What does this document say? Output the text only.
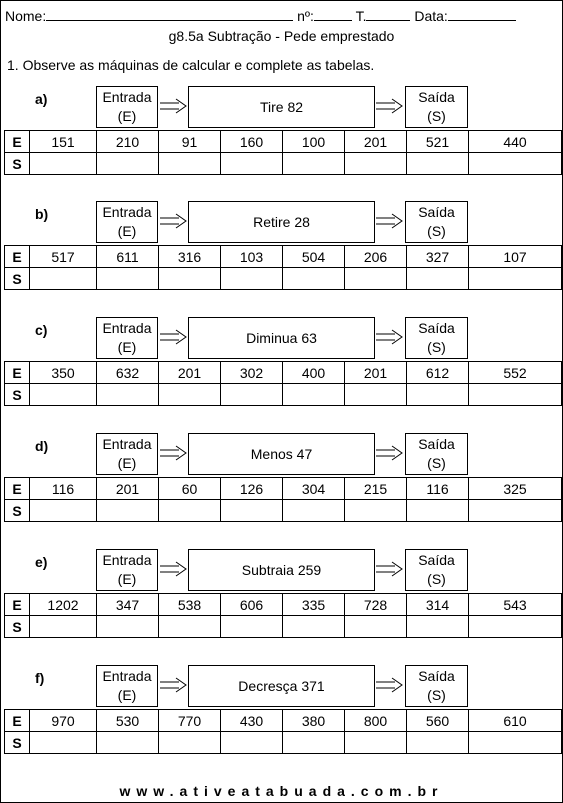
Nome:	nº:	T.	Data:
g8.5a Subtração - Pede emprestado
1. Observe as máquinas de calcular e complete as tabelas.
a)	Entrada
(E)
Tire 82
Saída
(S)
E	151	210	91	160	100	201	521	440
S								
b)	Entrada
(E)
Retire 28
Saída
(S)
E	517	611	316	103	504	206	327	107
S								
c)	Entrada
(E)
Diminua 63
Saída
(S)
E	350	632	201	302	400	201	612	552
S								
d)	Entrada
(E)
Menos 47
Saída
(S)
E	116	201	60	126	304	215	116	325
S								
e)	Entrada
(E)
Subtraia 259
Saída
(S)
E	1202	347	538	606	335	728	314	543
S								
f)	Entrada
(E)
Decresça 371
Saída
(S)
E	970	530	770	430	380	800	560	610
S								
www.ativeatabuada.com.br
